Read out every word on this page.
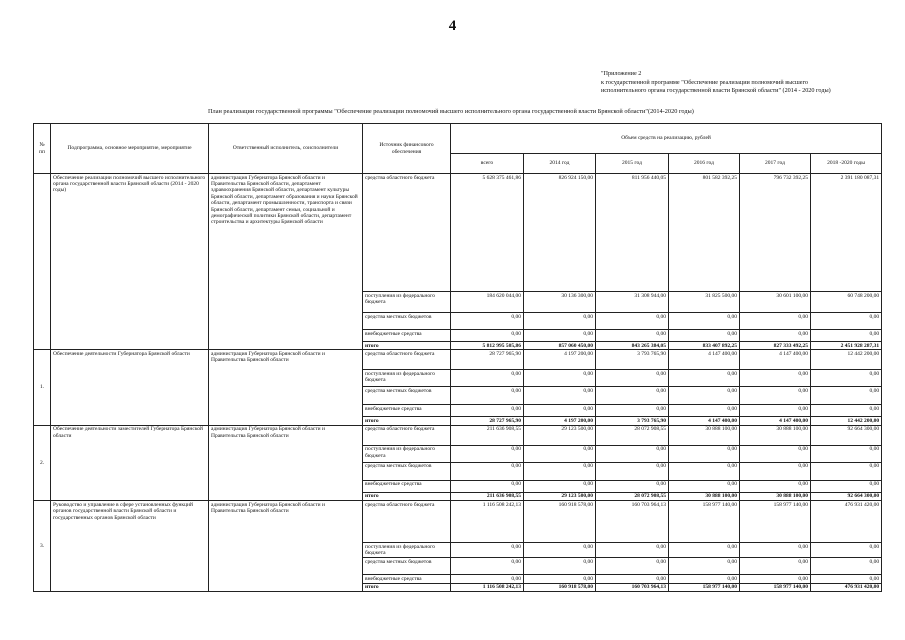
4
"Приложение 2
к государственной программе "Обеспечение реализации полномочий высшего
исполнительного органа государственной власти Брянской области" (2014 - 2020 годы)
План реализации государственной программы "Обеспечение реализации полномочий высшего исполнительного органа государственной власти Брянской области"(2014-2020 годы)
№ пп	Подпрограмма, основное мероприятие, мероприятие	Ответственный исполнитель, соисполнители	Источник финансового обеспечения	Объем средств на реализацию, рублей					
				всего	2014 год	2015 год	2016 год	2017 год	2018 -2020 годы
	Обеспечение реализации полномочий высшего исполнительного органа государственной власти Брянской области (2014 - 2020 годы)	администрация Губернатора Брянской области и Правительства Брянской области, департамент здравоохранения Брянской области, департамент культуры Брянской области, департамент образования и науки Брянской области, департамент промышленности, транспорта и связи Брянской области, департамент семьи, социальной и демографической политики Брянской области, департамент строительства и архитектуры Брянской области	средства областного бюджета	5 628 375 461,86	826 924 150,00	811 956 440,05	801 582 392,25	796 732 392,25	2 391 180 087,31
			поступления из федерального бюджета	184 620 044,00	30 136 300,00	31 308 944,00	31 825 500,00	30 601 100,00	60 748 200,00
			средства местных бюджетов	0,00	0,00	0,00	0,00	0,00	0,00
			внебюджетные средства	0,00	0,00	0,00	0,00	0,00	0,00
			итого	5 812 995 505,86	857 060 450,00	843 265 384,05	833 407 892,25	827 333 492,25	2 451 928 287,31
1.	Обеспечение деятельности Губернатора Брянской области	администрация Губернатора Брянской области и Правительства Брянской области	средства областного бюджета	28 727 965,90	4 197 200,00	3 793 765,90	4 147 400,00	4 147 400,00	12 442 200,00
			поступления из федерального бюджета	0,00	0,00	0,00	0,00	0,00	0,00
			средства местных бюджетов	0,00	0,00	0,00	0,00	0,00	0,00
			внебюджетные средства	0,00	0,00	0,00	0,00	0,00	0,00
			итого	28 727 965,90	4 197 200,00	3 793 765,90	4 147 400,00	4 147 400,00	12 442 200,00
2.	Обеспечение деятельности заместителей Губернатора Брянской области	администрация Губернатора Брянской области и Правительства Брянской области	средства областного бюджета	211 636 908,55	29 123 500,00	28 072 908,55	30 888 100,00	30 888 100,00	92 664 300,00
			поступления из федерального бюджета	0,00	0,00	0,00	0,00	0,00	0,00
			средства местных бюджетов	0,00	0,00	0,00	0,00	0,00	0,00
			внебюджетные средства	0,00	0,00	0,00	0,00	0,00	0,00
			итого	211 636 908,55	29 123 500,00	28 072 908,55	30 888 100,00	30 888 100,00	92 664 300,00
3.	Руководство и управление в сфере установленных функций органов государственной власти Брянской области и государственных органов Брянской области	администрация Губернатора Брянской области и Правительства Брянской области	средства областного бюджета	1 116 508 242,13	160 918 578,00	160 703 964,13	158 977 140,00	158 977 140,00	476 931 420,00
			поступления из федерального бюджета	0,00	0,00	0,00	0,00	0,00	0,00
			средства местных бюджетов	0,00	0,00	0,00	0,00	0,00	0,00
			внебюджетные средства	0,00	0,00	0,00	0,00	0,00	0,00
			итого	1 116 508 242,13	160 918 578,00	160 703 964,13	158 977 140,00	158 977 140,00	476 931 420,00
